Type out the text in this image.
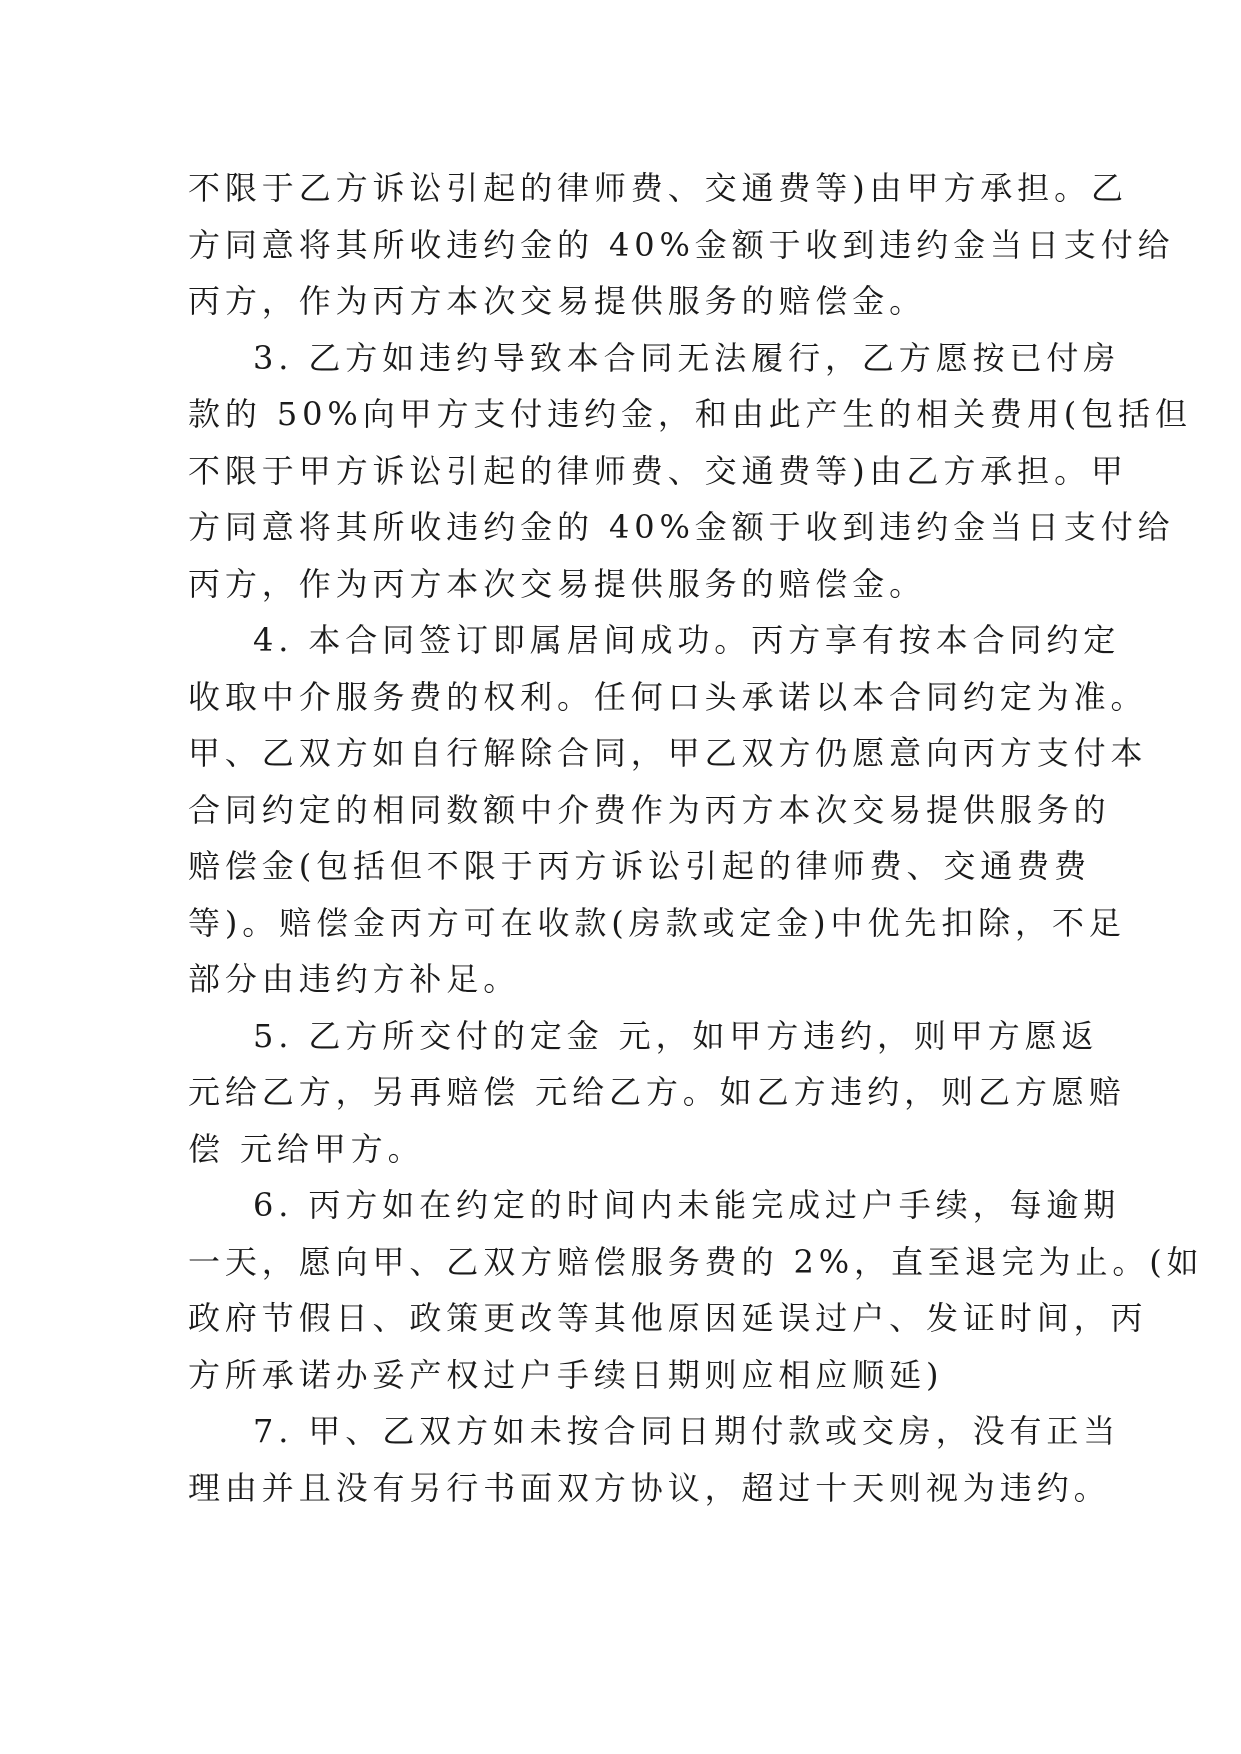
不限于乙方诉讼引起的律师费、交通费等)由甲方承担。乙
方同意将其所收违约金的 40%金额于收到违约金当日支付给
丙方，作为丙方本次交易提供服务的赔偿金。
3. 乙方如违约导致本合同无法履行，乙方愿按已付房
款的 50%向甲方支付违约金，和由此产生的相关费用(包括但
不限于甲方诉讼引起的律师费、交通费等)由乙方承担。甲
方同意将其所收违约金的 40%金额于收到违约金当日支付给
丙方，作为丙方本次交易提供服务的赔偿金。
4. 本合同签订即属居间成功。丙方享有按本合同约定
收取中介服务费的权利。任何口头承诺以本合同约定为准。
甲、乙双方如自行解除合同，甲乙双方仍愿意向丙方支付本
合同约定的相同数额中介费作为丙方本次交易提供服务的
赔偿金(包括但不限于丙方诉讼引起的律师费、交通费费
等)。赔偿金丙方可在收款(房款或定金)中优先扣除，不足
部分由违约方补足。
5. 乙方所交付的定金 元，如甲方违约，则甲方愿返
元给乙方，另再赔偿 元给乙方。如乙方违约，则乙方愿赔
偿 元给甲方。
6. 丙方如在约定的时间内未能完成过户手续，每逾期
一天，愿向甲、乙双方赔偿服务费的 2%，直至退完为止。(如
政府节假日、政策更改等其他原因延误过户、发证时间，丙
方所承诺办妥产权过户手续日期则应相应顺延)
7. 甲、乙双方如未按合同日期付款或交房，没有正当
理由并且没有另行书面双方协议，超过十天则视为违约。
